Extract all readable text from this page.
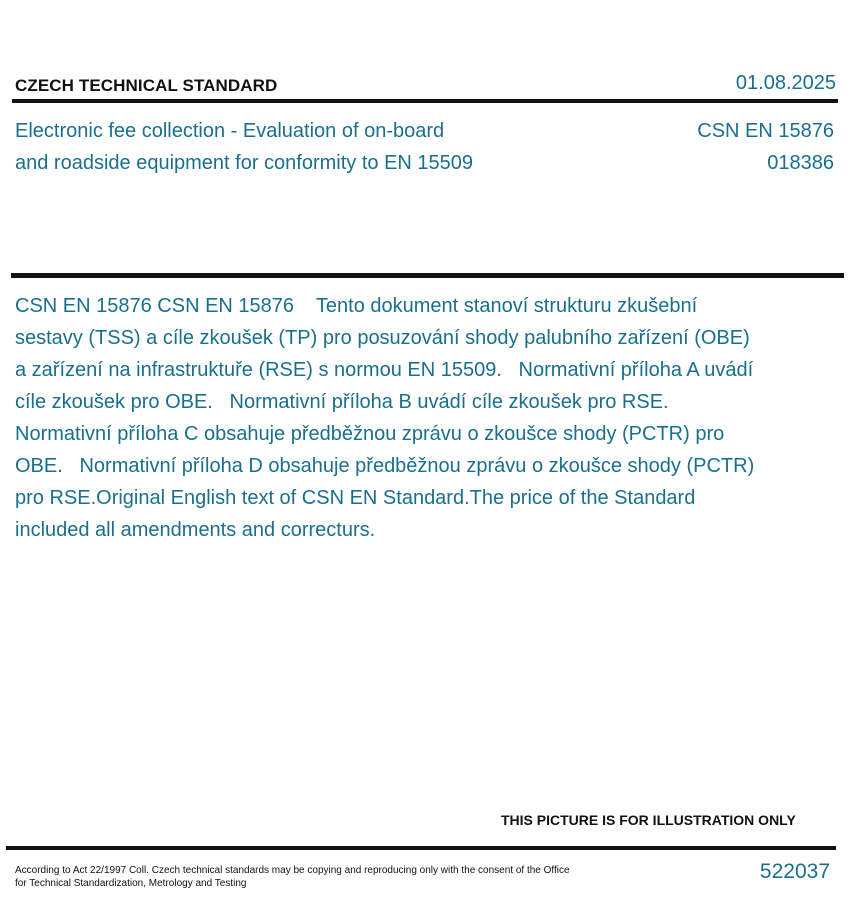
CZECH TECHNICAL STANDARD	01.08.2025
Electronic fee collection - Evaluation of on-board
and roadside equipment for conformity to EN 15509
CSN EN 15876
018386
CSN EN 15876 CSN EN 15876    Tento dokument stanoví strukturu zkušební sestavy (TSS) a cíle zkoušek (TP) pro posuzování shody palubního zařízení (OBE) a zařízení na infrastruktuře (RSE) s normou EN 15509.   Normativní příloha A uvádí cíle zkoušek pro OBE.   Normativní příloha B uvádí cíle zkoušek pro RSE.   Normativní příloha C obsahuje předběžnou zprávu o zkoušce shody (PCTR) pro OBE.   Normativní příloha D obsahuje předběžnou zprávu o zkoušce shody (PCTR) pro RSE.Original English text of CSN EN Standard.The price of the Standard included all amendments and correcturs.
THIS PICTURE IS FOR ILLUSTRATION ONLY
According to Act 22/1997 Coll. Czech technical standards may be copying and reproducing only with the consent of the Office
for Technical Standardization, Metrology and Testing
522037
